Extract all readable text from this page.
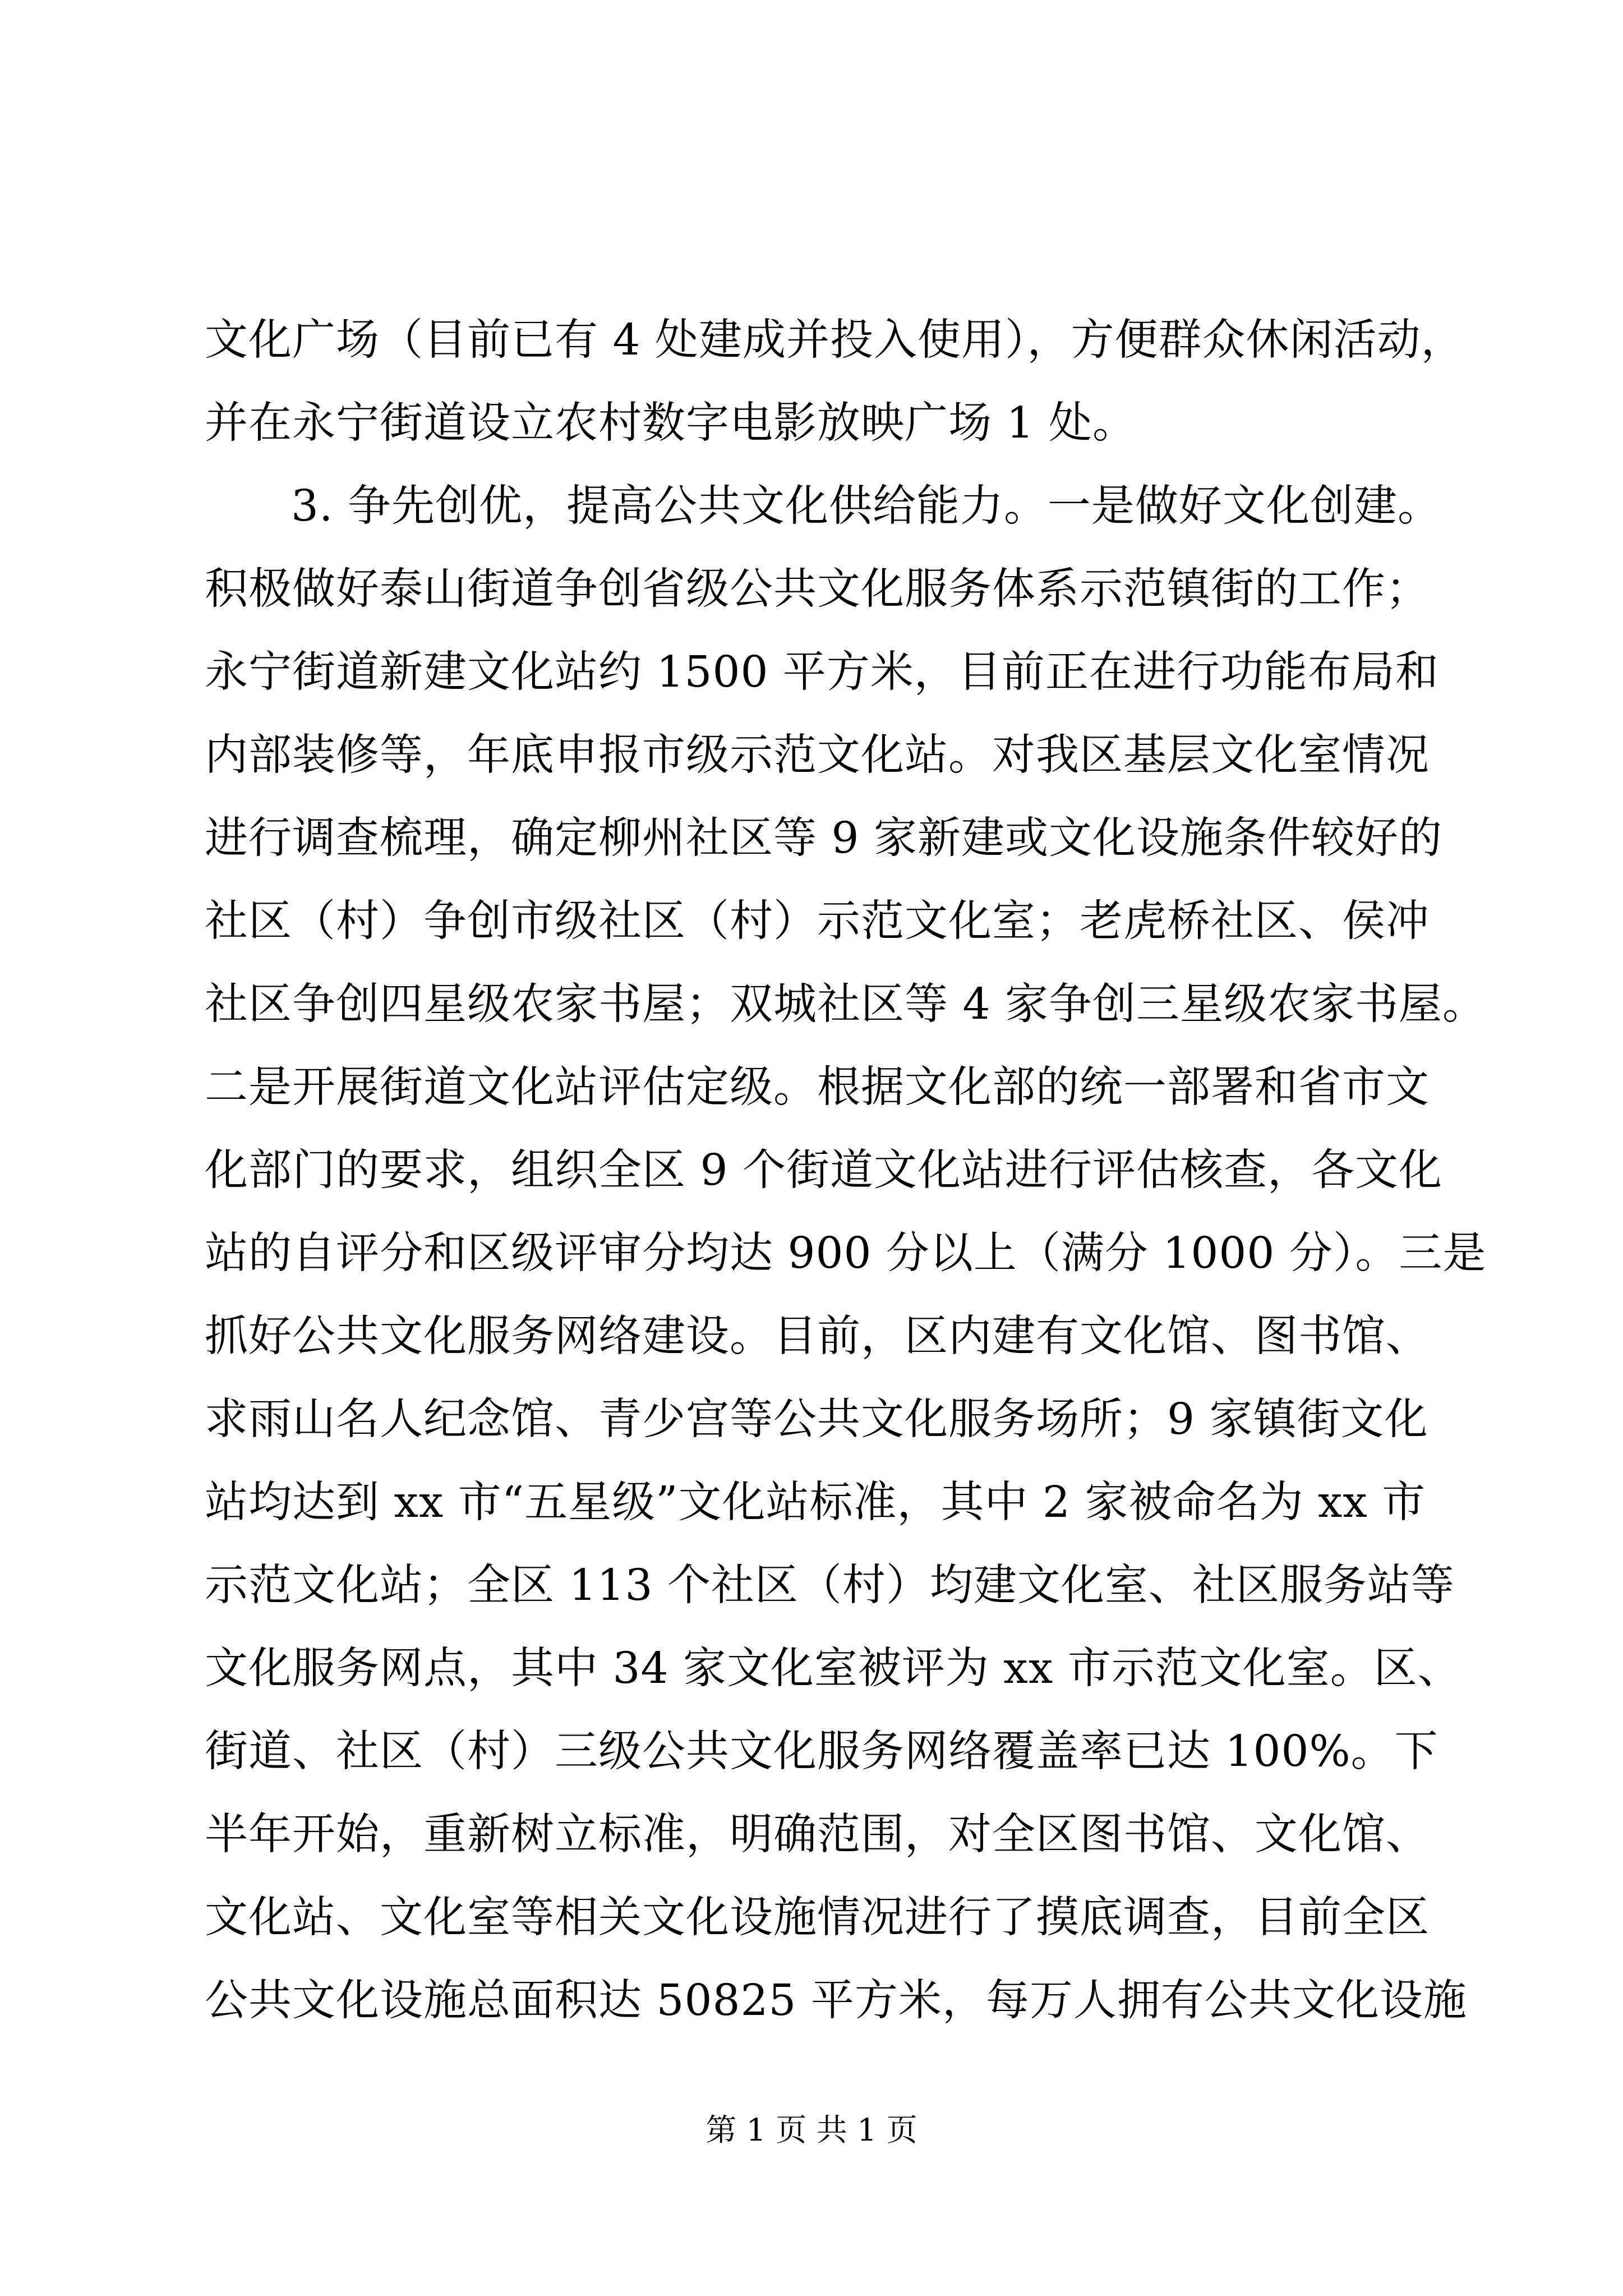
文化广场（目前已有 4 处建成并投入使用），方便群众休闲活动，
并在永宁街道设立农村数字电影放映广场 1 处。
3. 争先创优，提高公共文化供给能力。一是做好文化创建。
积极做好泰山街道争创省级公共文化服务体系示范镇街的工作；
永宁街道新建文化站约 1500 平方米，目前正在进行功能布局和
内部装修等，年底申报市级示范文化站。对我区基层文化室情况
进行调查梳理，确定柳州社区等 9 家新建或文化设施条件较好的
社区（村）争创市级社区（村）示范文化室；老虎桥社区、侯冲
社区争创四星级农家书屋；双城社区等 4 家争创三星级农家书屋。
二是开展街道文化站评估定级。根据文化部的统一部署和省市文
化部门的要求，组织全区 9 个街道文化站进行评估核查，各文化
站的自评分和区级评审分均达 900 分以上（满分 1000 分）。三是
抓好公共文化服务网络建设。目前，区内建有文化馆、图书馆、
求雨山名人纪念馆、青少宫等公共文化服务场所；9 家镇街文化
站均达到 xx 市“五星级”文化站标准，其中 2 家被命名为 xx 市
示范文化站；全区 113 个社区（村）均建文化室、社区服务站等
文化服务网点，其中 34 家文化室被评为 xx 市示范文化室。区、
街道、社区（村）三级公共文化服务网络覆盖率已达 100%。下
半年开始，重新树立标准，明确范围，对全区图书馆、文化馆、
文化站、文化室等相关文化设施情况进行了摸底调查，目前全区
公共文化设施总面积达 50825 平方米，每万人拥有公共文化设施
第 1 页 共 1 页
